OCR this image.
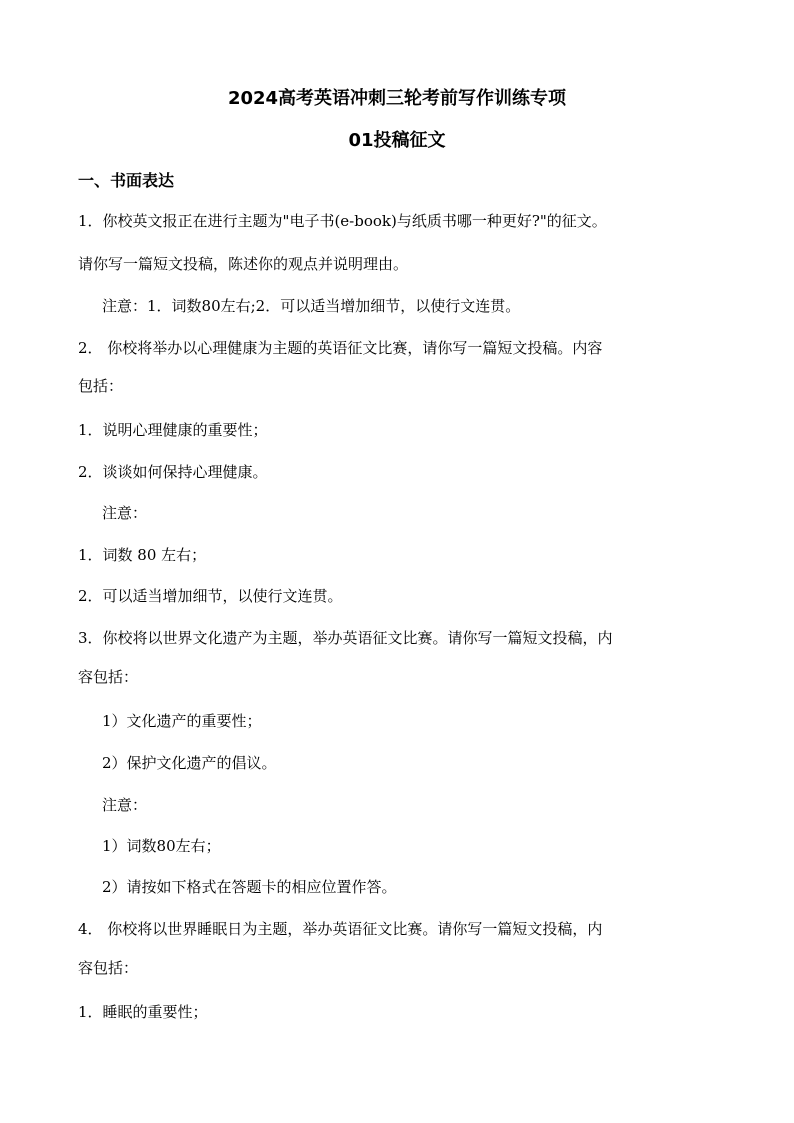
2024高考英语冲刺三轮考前写作训练专项
01投稿征文
一、书面表达
1．你校英文报正在进行主题为"电子书(e-book)与纸质书哪一种更好?"的征文。
请你写一篇短文投稿，陈述你的观点并说明理由。
注意：1．词数80左右;2．可以适当增加细节，以使行文连贯。
2． 你校将举办以心理健康为主题的英语征文比赛，请你写一篇短文投稿。内容
包括：
1．说明心理健康的重要性；
2．谈谈如何保持心理健康。
注意：
1．词数 80 左右；
2．可以适当增加细节，以使行文连贯。
3．你校将以世界文化遗产为主题，举办英语征文比赛。请你写一篇短文投稿，内
容包括：
1）文化遗产的重要性；
2）保护文化遗产的倡议。
注意：
1）词数80左右；
2）请按如下格式在答题卡的相应位置作答。
4． 你校将以世界睡眠日为主题，举办英语征文比赛。请你写一篇短文投稿，内
容包括：
1．睡眠的重要性；
